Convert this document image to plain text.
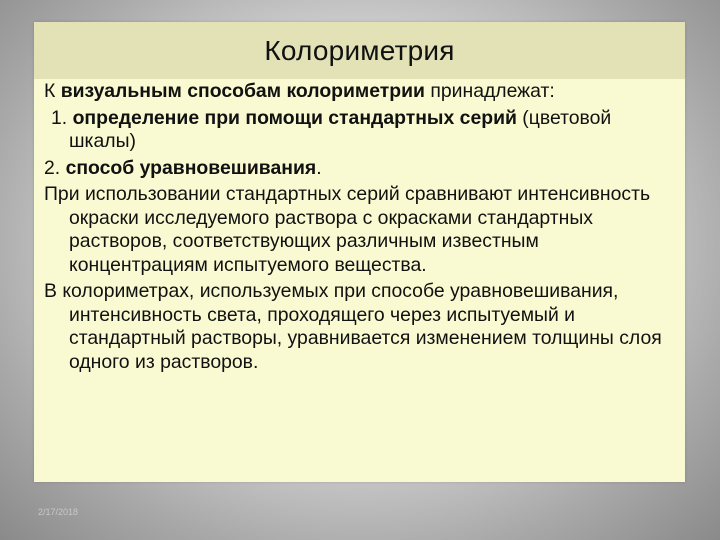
Колориметрия

К визуальным способам колориметрии принадлежат:

1. определение при помощи стандартных серий (цветовой шкалы)

2. способ уравновешивания.

При использовании стандартных серий сравнивают интенсивность окраски исследуемого раствора с окрасками стандартных растворов, соответствующих различным известным концентрациям испытуемого вещества.

В колориметрах, используемых при способе уравновешивания, интенсивность света, проходящего через испытуемый и стандартный растворы, уравнивается изменением толщины слоя одного из растворов.

2/17/2018
